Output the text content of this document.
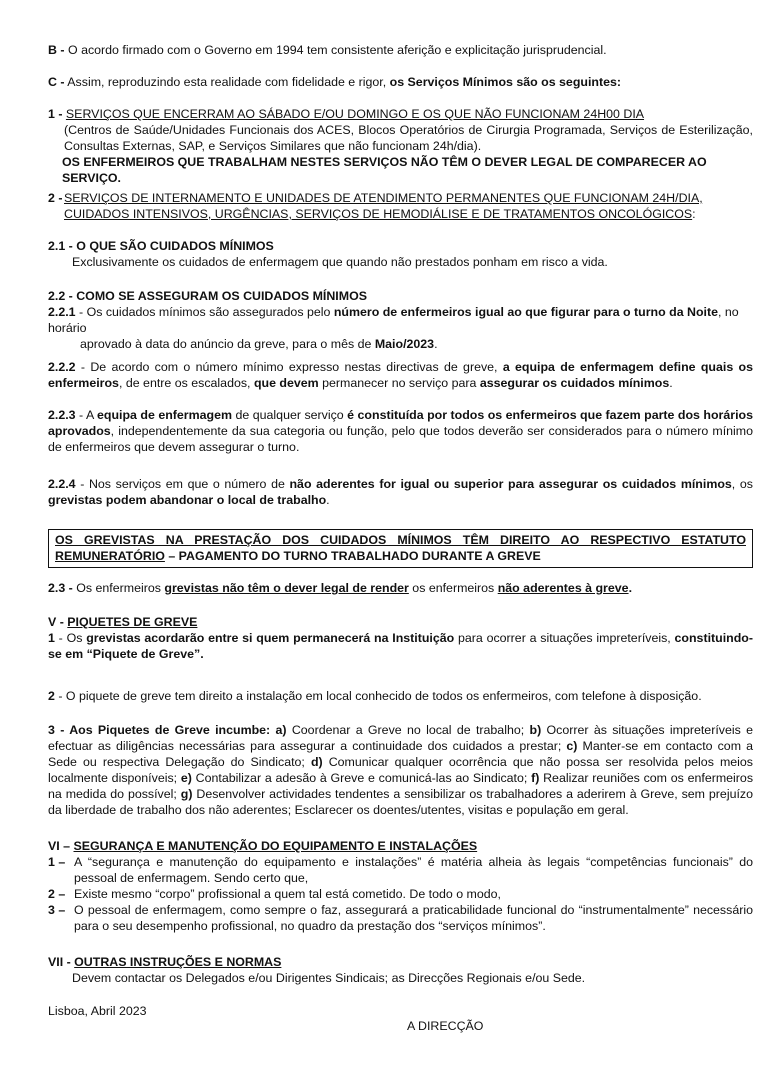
B - O acordo firmado com o Governo em 1994 tem consistente aferição e explicitação jurisprudencial.

C - Assim, reproduzindo esta realidade com fidelidade e rigor, os Serviços Mínimos são os seguintes:

1 - SERVIÇOS QUE ENCERRAM AO SÁBADO E/OU DOMINGO E OS QUE NÃO FUNCIONAM 24H00 DIA

(Centros de Saúde/Unidades Funcionais dos ACES, Blocos Operatórios de Cirurgia Programada, Serviços de Esterilização, Consultas Externas, SAP, e Serviços Similares que não funcionam 24h/dia).

OS ENFERMEIROS QUE TRABALHAM NESTES SERVIÇOS NÃO TÊM O DEVER LEGAL DE COMPARECER AO SERVIÇO.

2 - SERVIÇOS DE INTERNAMENTO E UNIDADES DE ATENDIMENTO PERMANENTES QUE FUNCIONAM 24H/DIA, CUIDADOS INTENSIVOS, URGÊNCIAS, SERVIÇOS DE HEMODIÁLISE E DE TRATAMENTOS ONCOLÓGICOS:

2.1 - O QUE SÃO CUIDADOS MÍNIMOS

Exclusivamente os cuidados de enfermagem que quando não prestados ponham em risco a vida.

2.2 - COMO SE ASSEGURAM OS CUIDADOS MÍNIMOS

2.2.1 - Os cuidados mínimos são assegurados pelo número de enfermeiros igual ao que figurar para o turno da Noite, no horário

aprovado à data do anúncio da greve, para o mês de Maio/2023.

2.2.2 - De acordo com o número mínimo expresso nestas directivas de greve, a equipa de enfermagem define quais os enfermeiros, de entre os escalados, que devem permanecer no serviço para assegurar os cuidados mínimos.

2.2.3 - A equipa de enfermagem de qualquer serviço é constituída por todos os enfermeiros que fazem parte dos horários aprovados, independentemente da sua categoria ou função, pelo que todos deverão ser considerados para o número mínimo de enfermeiros que devem assegurar o turno.

2.2.4 - Nos serviços em que o número de não aderentes for igual ou superior para assegurar os cuidados mínimos, os grevistas podem abandonar o local de trabalho.

OS GREVISTAS NA PRESTAÇÃO DOS CUIDADOS MÍNIMOS TÊM DIREITO AO RESPECTIVO ESTATUTO REMUNERATÓRIO – PAGAMENTO DO TURNO TRABALHADO DURANTE A GREVE

2.3 - Os enfermeiros grevistas não têm o dever legal de render os enfermeiros não aderentes à greve.

V - PIQUETES DE GREVE

1 - Os grevistas acordarão entre si quem permanecerá na Instituição para ocorrer a situações impreteríveis, constituindo-se em “Piquete de Greve”.

2 - O piquete de greve tem direito a instalação em local conhecido de todos os enfermeiros, com telefone à disposição.

3 - Aos Piquetes de Greve incumbe: a) Coordenar a Greve no local de trabalho; b) Ocorrer às situações impreteríveis e efectuar as diligências necessárias para assegurar a continuidade dos cuidados a prestar; c) Manter-se em contacto com a Sede ou respectiva Delegação do Sindicato; d) Comunicar qualquer ocorrência que não possa ser resolvida pelos meios localmente disponíveis; e) Contabilizar a adesão à Greve e comunicá-las ao Sindicato; f) Realizar reuniões com os enfermeiros na medida do possível; g) Desenvolver actividades tendentes a sensibilizar os trabalhadores a aderirem à Greve, sem prejuízo da liberdade de trabalho dos não aderentes; Esclarecer os doentes/utentes, visitas e população em geral.

VI – SEGURANÇA E MANUTENÇÃO DO EQUIPAMENTO E INSTALAÇÕES

1 – A “segurança e manutenção do equipamento e instalações” é matéria alheia às legais “competências funcionais” do pessoal de enfermagem. Sendo certo que,
2 – Existe mesmo “corpo” profissional a quem tal está cometido. De todo o modo,
3 – O pessoal de enfermagem, como sempre o faz, assegurará a praticabilidade funcional do “instrumentalmente” necessário para o seu desempenho profissional, no quadro da prestação dos “serviços mínimos”.

VII - OUTRAS INSTRUÇÕES E NORMAS

Devem contactar os Delegados e/ou Dirigentes Sindicais; as Direcções Regionais e/ou Sede.

Lisboa, Abril 2023

A DIRECÇÃO
